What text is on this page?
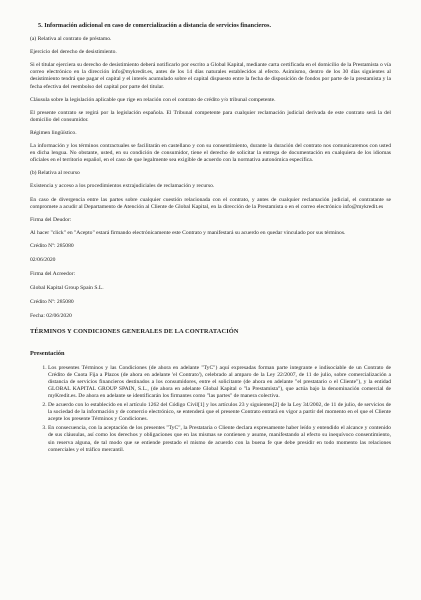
5. Información adicional en caso de comercialización a distancia de servicios financieros.
(a) Relativa al contrato de préstamo.
Ejercicio del derecho de desistimiento.
Si el titular ejerciera su derecho de desistimiento deberá notificarlo por escrito a Global Kapital, mediante carta certificada en el domicilio de la Prestamista o vía correo electrónico en la dirección info@mykredit.es, antes de los 14 días naturales establecidos al efecto. Asimismo, dentro de los 30 días siguientes al desistimiento tendrá que pagar el capital y el interés acumulado sobre el capital dispuesto entre la fecha de disposición de fondos por parte de la prestamista y la fecha efectiva del reembolso del capital por parte del titular.
Cláusula sobre la legislación aplicable que rige en relación con el contrato de crédito y/o tribunal competente.
El presente contrato se regirá por la legislación española. El Tribunal competente para cualquier reclamación judicial derivada de este contrato será la del domicilio del consumidor.
Régimen lingüístico.
La información y los términos contractuales se facilitarán en castellano y con su consentimiento, durante la duración del contrato nos comunicaremos con usted en dicha lengua. No obstante, usted, en su condición de consumidor, tiene el derecho de solicitar la entrega de documentación en cualquiera de los idiomas oficiales en el territorio español, en el caso de que legalmente sea exigible de acuerdo con la normativa autonómica específica.
(b) Relativa al recurso
Existencia y acceso a los procedimientos extrajudiciales de reclamación y recurso.
En caso de divergencia entre las partes sobre cualquier cuestión relacionada con el contrato, y antes de cualquier reclamación judicial, el contratante se compromete a acudir al Departamento de Atención al Cliente de Global Kapital, en la dirección de la Prestamista o en el correo electrónico info@mykredit.es
Firma del Deudor:
Al hacer "click" en "Acepto" estará firmando electrónicamente este Contrato y manifestará su acuerdo en quedar vinculado por sus términos.
Crédito Nº: 285080
02/06/2020
Firma del Acreedor:
Global Kapital Group Spain S.L.
Crédito Nº: 285080
Fecha: 02/06/2020
TÉRMINOS Y CONDICIONES GENERALES DE LA CONTRATACIÓN
Presentación
1. Los presentes Términos y las Condiciones (de ahora en adelante "TyC") aquí expresadas forman parte integrante e indisociable de un Contrato de Crédito de Cuota Fija a Plazos (de ahora en adelante 'el Contrato'), celebrado al amparo de la Ley 22/2007, de 11 de julio, sobre comercialización a distancia de servicios financieros destinados a los consumidores, entre el solicitante (de ahora en adelante "el prestatario o el Cliente"), y la entidad GLOBAL KAPITAL GROUP SPAIN, S.L., (de ahora en adelante Global Kapital o "la Prestamista"), que actúa bajo la denominación comercial de myKredit.es. De ahora en adelante se identificarán los firmantes como "las partes" de manera colectiva.
2. De acuerdo con lo establecido en el artículo 1262 del Código Civil[1] y los artículos 23 y siguientes[2] de la Ley 34/2002, de 11 de julio, de servicios de la sociedad de la información y de comercio electrónico, se entenderá que el presente Contrato entrará en vigor a partir del momento en el que el Cliente acepte los presente Términos y Condiciones.
3. En consecuencia, con la aceptación de los presentes "TyC", la Prestataria o Cliente declara expresamente haber leído y entendido el alcance y contenido de sus cláusulas, así como los derechos y obligaciones que en las mismas se contienen y asume, manifestando al efecto su inequívoco consentimiento, sin reserva alguna, de tal modo que se entiende prestado el mismo de acuerdo con la buena fe que debe presidir en todo momento las relaciones comerciales y el tráfico mercantil.
